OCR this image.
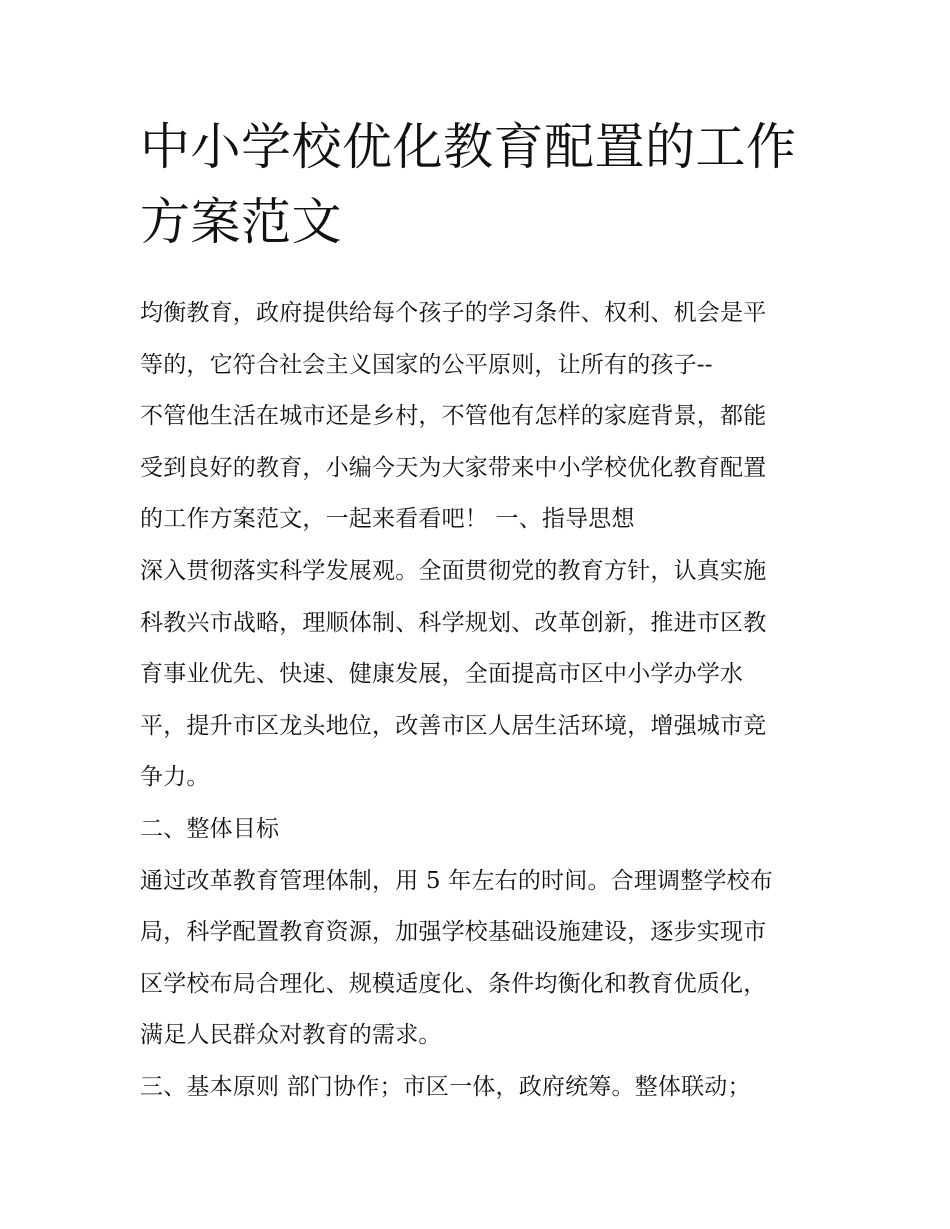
中小学校优化教育配置的工作
方案范文
均衡教育，政府提供给每个孩子的学习条件、权利、机会是平
等的，它符合社会主义国家的公平原则，让所有的孩子--
不管他生活在城市还是乡村，不管他有怎样的家庭背景，都能
受到良好的教育，小编今天为大家带来中小学校优化教育配置
的工作方案范文，一起来看看吧！ 一、指导思想
深入贯彻落实科学发展观。全面贯彻党的教育方针，认真实施
科教兴市战略，理顺体制、科学规划、改革创新，推进市区教
育事业优先、快速、健康发展，全面提高市区中小学办学水
平，提升市区龙头地位，改善市区人居生活环境，增强城市竞
争力。
二、整体目标
通过改革教育管理体制，用 5 年左右的时间。合理调整学校布
局，科学配置教育资源，加强学校基础设施建设，逐步实现市
区学校布局合理化、规模适度化、条件均衡化和教育优质化，
满足人民群众对教育的需求。
三、基本原则 部门协作；市区一体，政府统筹。整体联动；
